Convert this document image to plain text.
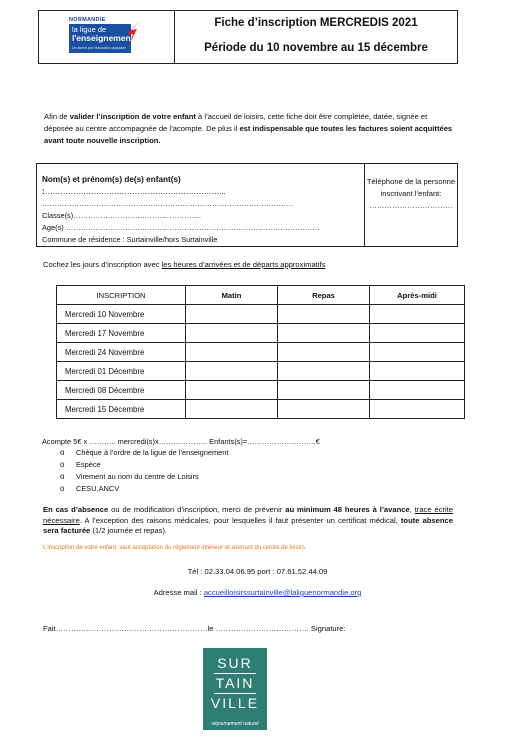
NORMANDIE
la ligue de
l'enseignement
Un avenir par l'éducation populaire
Fiche d’inscription MERCREDIS 2021
Période du 10 novembre au 15 décembre
Afin de valider l’inscription de votre enfant à l’accueil de loisirs, cette fiche doit être complétée, datée, signée et déposée au centre accompagnée de l’acompte. De plus il est indispensable que toutes les factures soient acquittées avant toute nouvelle inscription.
Nom(s) et prénom(s) de(s) enfant(s) :……………………………………………………………..
…………………………………………………………………………………………Classe(s)…………………………………………….
Age(s) ………………………………………………………………………………………….
Commune de résidence : Surtainville/hors Surtainville
Téléphone de la personne inscrivant l’enfant:
……………………………
Cochez les jours d’inscription avec les heures d’arrivées et de départs approximatifs
INSCRIPTION	Matin	Repas	Après-midi
Mercredi 10 Novembre			
Mercredi 17 Novembre			
Mercredi 24 Novembre			
Mercredi 01 Décembre			
Mercredi 08 Décembre			
Mercredi 15 Décembre			
Acompte 5€ x ……….. mercredi(s)x……………….. Enfants(s)=……………………….€
o Chèque à l’ordre de la ligue de l’enseignement
o Espèce
o Virement au nom du centre de Loisirs
o CESU,ANCV
En cas d’absence ou de modification d’inscription, merci de prévenir au minimum 48 heures à l’avance, trace écrite nécessaire. A l’exception des raisons médicales, pour lesquelles il faut présenter un certificat médical, toute absence sera facturée (1/2 journée et repas).
L’inscription de votre enfant, vaut acceptation du règlement intérieur et avenant du centre de loisirs.
Tél : 02.33.04.06.95 port : 07.61.52.44.09
Adresse mail : accueilloisirssurtainville@laliguenormandie.org
Fait……………………………………………………le ………………………………. Signature:
SUR
TAIN
VILLE
séjournement naturel
